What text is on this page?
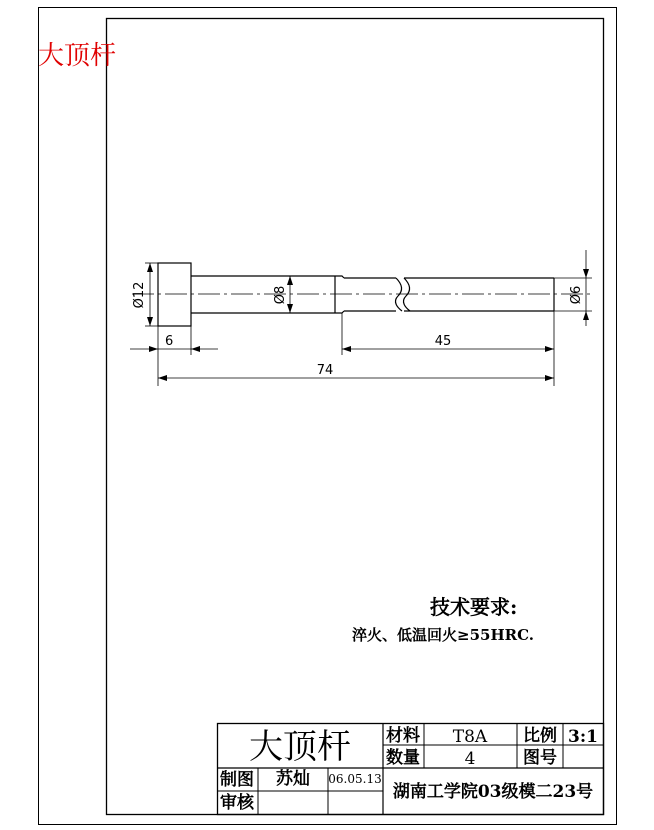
大顶杆
Ø12	Ø8	Ø6
6	45
74
技术要求:
淬火、低温回火≥55HRC.
大顶杆 材料 T8A 比例 3:1
数量	4	图号
制图 苏灿 06.05.13
审核
湖南工学院03级模二23号
